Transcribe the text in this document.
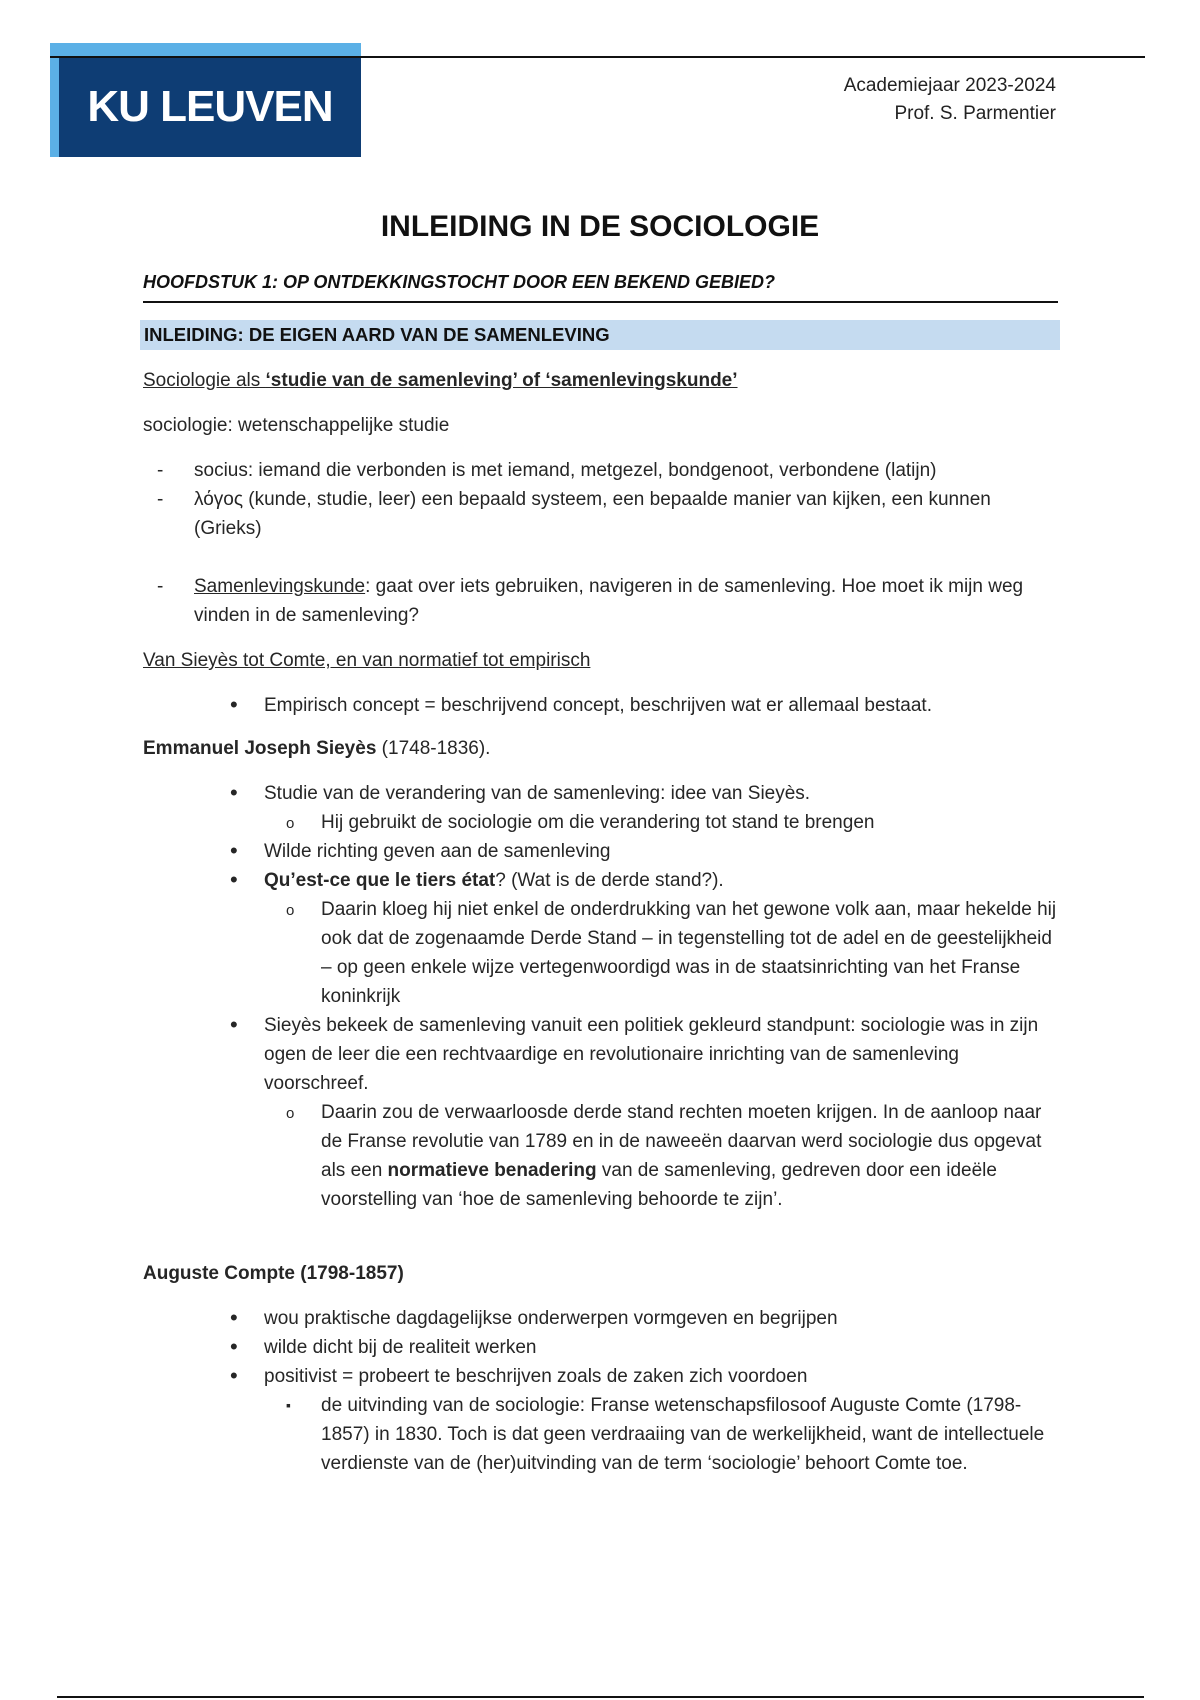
KU LEUVEN	Academiejaar 2023-2024
Prof. S. Parmentier
INLEIDING IN DE SOCIOLOGIE
HOOFDSTUK 1: OP ONTDEKKINGSTOCHT DOOR EEN BEKEND GEBIED?
INLEIDING: DE EIGEN AARD VAN DE SAMENLEVING

Sociologie als ‘studie van de samenleving’ of ‘samenlevingskunde’

sociologie: wetenschappelijke studie

- socius: iemand die verbonden is met iemand, metgezel, bondgenoot, verbondene (latijn)
- λόγος (kunde, studie, leer) een bepaald systeem, een bepaalde manier van kijken, een kunnen (Grieks)
- Samenlevingskunde: gaat over iets gebruiken, navigeren in de samenleving. Hoe moet ik mijn weg vinden in de samenleving?

Van Sieyès tot Comte, en van normatief tot empirisch

• Empirisch concept = beschrijvend concept, beschrijven wat er allemaal bestaat.

Emmanuel Joseph Sieyès (1748-1836).

• Studie van de verandering van de samenleving: idee van Sieyès.
o Hij gebruikt de sociologie om die verandering tot stand te brengen
• Wilde richting geven aan de samenleving
• Qu’est-ce que le tiers état? (Wat is de derde stand?).
o Daarin kloeg hij niet enkel de onderdrukking van het gewone volk aan, maar hekelde hij ook dat de zogenaamde Derde Stand – in tegenstelling tot de adel en de geestelijkheid – op geen enkele wijze vertegenwoordigd was in de staatsinrichting van het Franse koninkrijk
• Sieyès bekeek de samenleving vanuit een politiek gekleurd standpunt: sociologie was in zijn ogen de leer die een rechtvaardige en revolutionaire inrichting van de samenleving voorschreef.
o Daarin zou de verwaarloosde derde stand rechten moeten krijgen. In de aanloop naar de Franse revolutie van 1789 en in de naweeën daarvan werd sociologie dus opgevat als een normatieve benadering van de samenleving, gedreven door een ideële voorstelling van ‘hoe de samenleving behoorde te zijn’.

Auguste Compte (1798-1857)

• wou praktische dagdagelijkse onderwerpen vormgeven en begrijpen
• wilde dicht bij de realiteit werken
• positivist = probeert te beschrijven zoals de zaken zich voordoen
▪ de uitvinding van de sociologie: Franse wetenschapsfilosoof Auguste Comte (1798-1857) in 1830. Toch is dat geen verdraaiing van de werkelijkheid, want de intellectuele verdienste van de (her)uitvinding van de term ‘sociologie’ behoort Comte toe.
